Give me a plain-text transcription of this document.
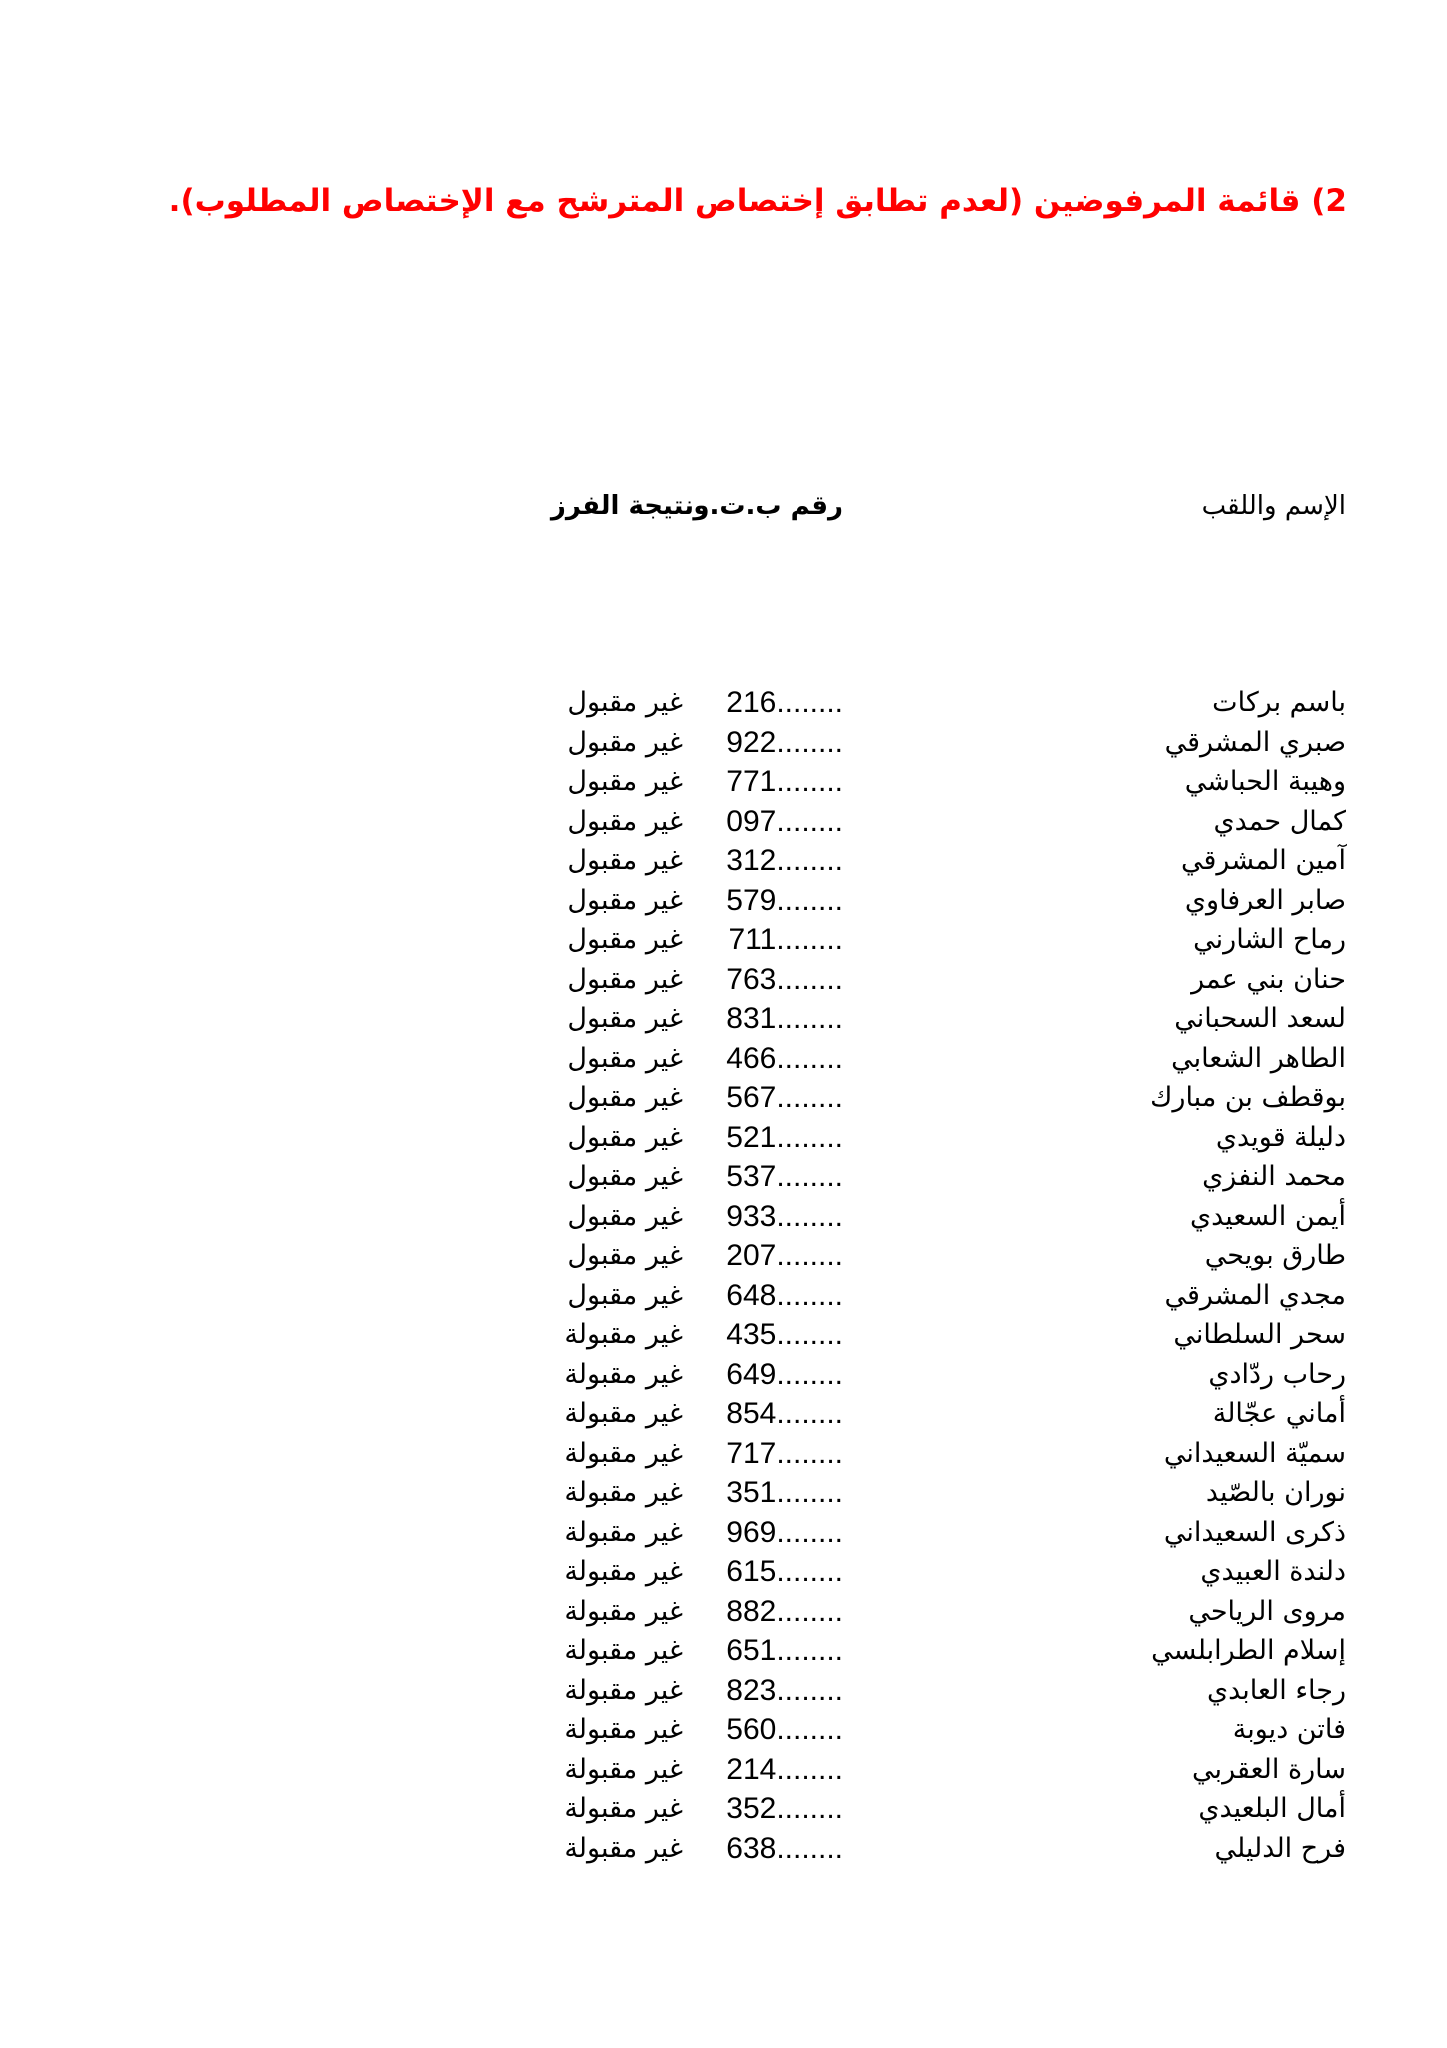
2) قائمة المرفوضين (لعدم تطابق إختصاص المترشح مع الإختصاص المطلوب).
الإسم واللقب
رقم ب.ت.و
نتيجة الفرز
باسم بركات
216........
غير مقبول
صبري المشرقي
922........
غير مقبول
وهيبة الحباشي
771........
غير مقبول
كمال حمدي
097........
غير مقبول
آمين المشرقي
312........
غير مقبول
صابر العرفاوي
579........
غير مقبول
رماح الشارني
711........
غير مقبول
حنان بني عمر
763........
غير مقبول
لسعد السحباني
831........
غير مقبول
الطاهر الشعابي
466........
غير مقبول
بوقطف بن مبارك
567........
غير مقبول
دليلة قويدي
521........
غير مقبول
محمد النفزي
537........
غير مقبول
أيمن السعيدي
933........
غير مقبول
طارق بويحي
207........
غير مقبول
مجدي المشرقي
648........
غير مقبول
سحر السلطاني
435........
غير مقبولة
رحاب ردّادي
649........
غير مقبولة
أماني عجّالة
854........
غير مقبولة
سميّة السعيداني
717........
غير مقبولة
نوران بالصّيد
351........
غير مقبولة
ذكرى السعيداني
969........
غير مقبولة
دلندة العبيدي
615........
غير مقبولة
مروى الرياحي
882........
غير مقبولة
إسلام الطرابلسي
651........
غير مقبولة
رجاء العابدي
823........
غير مقبولة
فاتن ديوبة
560........
غير مقبولة
سارة العقربي
214........
غير مقبولة
أمال البلعيدي
352........
غير مقبولة
فرح الدليلي
638........
غير مقبولة
